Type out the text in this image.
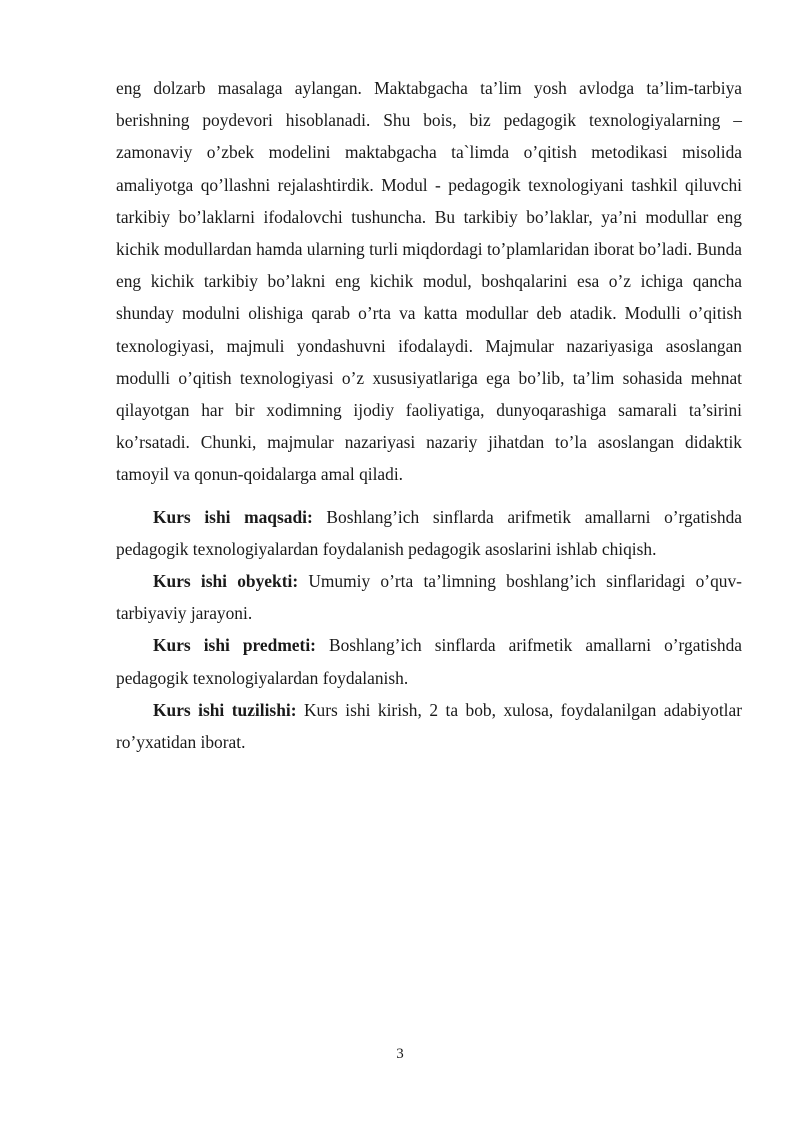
eng dolzarb masalaga aylangan. Maktabgacha ta’lim yosh avlodga ta’lim-tarbiya berishning poydevori hisoblanadi. Shu bois, biz pedagogik texnologiyalarning – zamonaviy o’zbek modelini maktabgacha ta`limda o’qitish metodikasi misolida amaliyotga qo’llashni rejalashtirdik. Modul - pedagogik texnologiyani tashkil qiluvchi tarkibiy bo’laklarni ifodalovchi tushuncha. Bu tarkibiy bo’laklar, ya’ni modullar eng kichik modullardan hamda ularning turli miqdordagi to’plamlaridan iborat bo’ladi. Bunda eng kichik tarkibiy bo’lakni eng kichik modul, boshqalarini esa o’z ichiga qancha shunday modulni olishiga qarab o’rta va katta modullar deb atadik. Modulli o’qitish texnologiyasi, majmuli yondashuvni ifodalaydi. Majmular nazariyasiga asoslangan modulli o’qitish texnologiyasi o’z xususiyatlariga ega bo’lib, ta’lim sohasida mehnat qilayotgan har bir xodimning ijodiy faoliyatiga, dunyoqarashiga samarali ta’sirini ko’rsatadi. Chunki, majmular nazariyasi nazariy jihatdan to’la asoslangan didaktik tamoyil va qonun-qoidalarga amal qiladi.

Kurs ishi maqsadi: Boshlang’ich sinflarda arifmetik amallarni o’rgatishda pedagogik texnologiyalardan foydalanish pedagogik asoslarini ishlab chiqish.

Kurs ishi obyekti: Umumiy o’rta ta’limning boshlang’ich sinflaridagi o’quv-tarbiyaviy jarayoni.

Kurs ishi predmeti: Boshlang’ich sinflarda arifmetik amallarni o’rgatishda pedagogik texnologiyalardan foydalanish.

Kurs ishi tuzilishi: Kurs ishi kirish, 2 ta bob, xulosa, foydalanilgan adabiyotlar ro’yxatidan iborat.

3
